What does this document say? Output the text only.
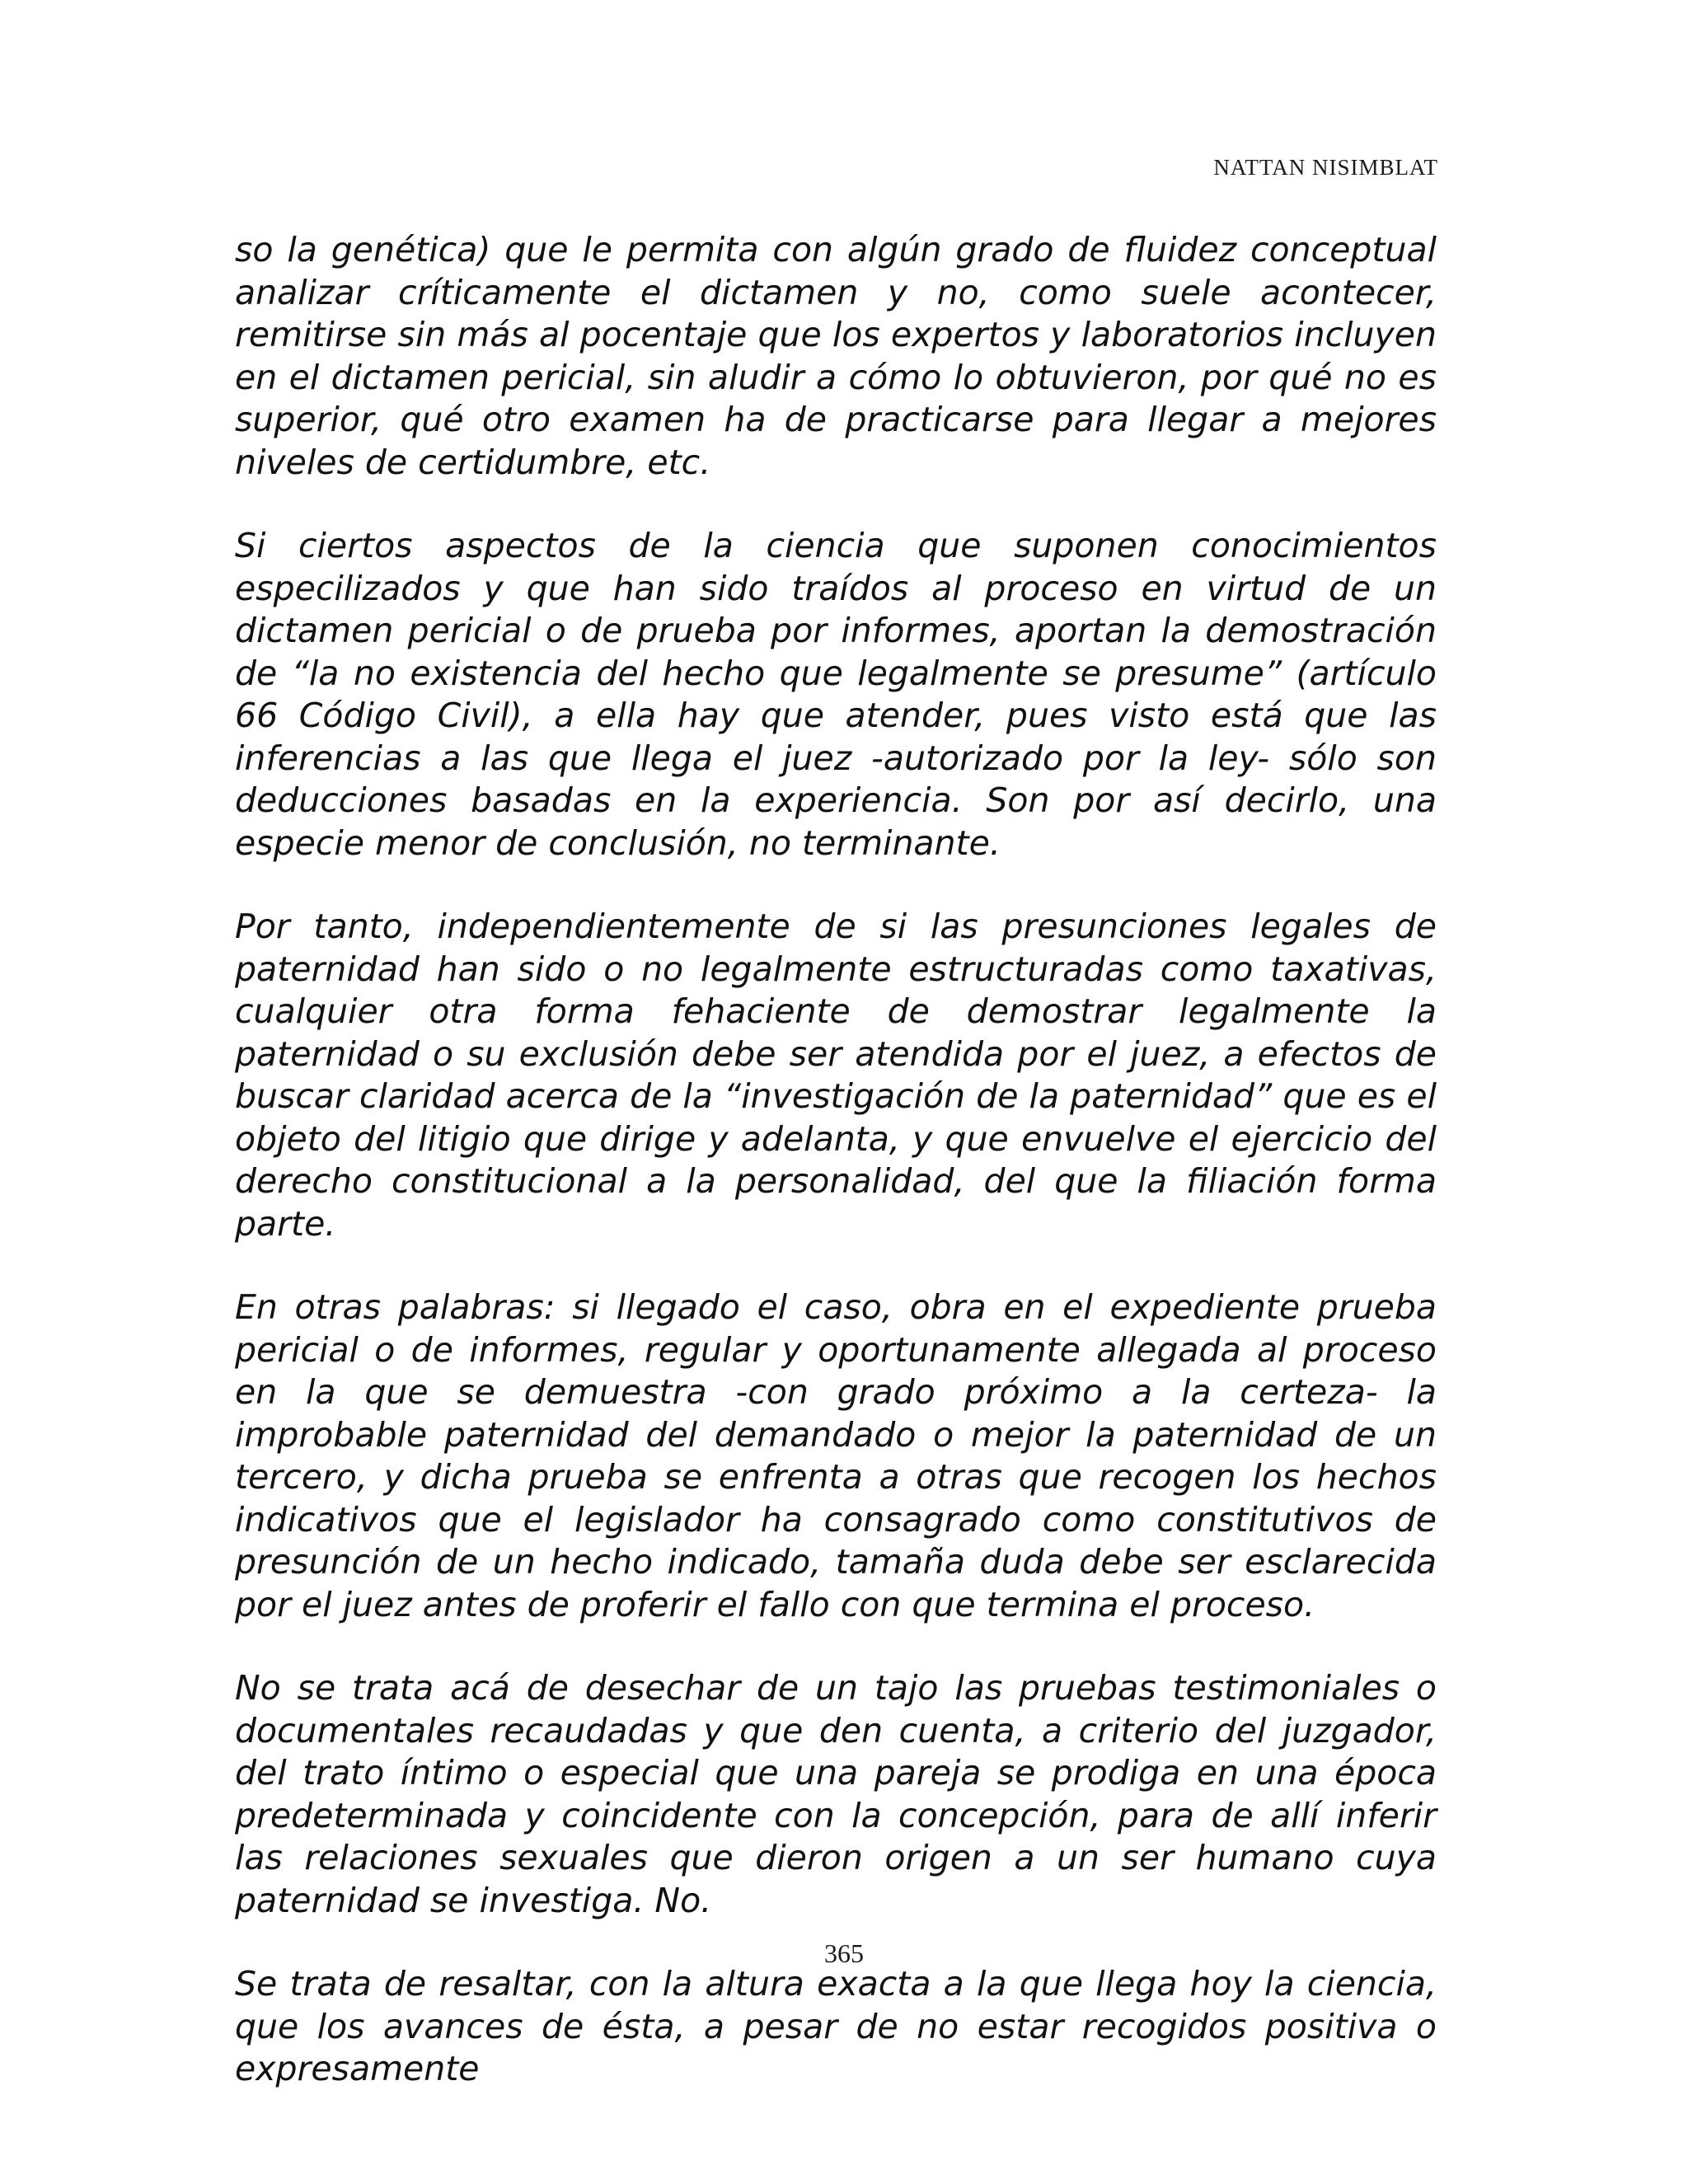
NATTAN NISIMBLAT

so la genética) que le permita con algún grado de fluidez conceptual analizar críticamente el dictamen y no, como suele acontecer, remitirse sin más al pocentaje que los expertos y laboratorios incluyen en el dictamen pericial, sin aludir a cómo lo obtuvieron, por qué no es superior, qué otro examen ha de practicarse para llegar a mejores niveles de certidumbre, etc.

Si ciertos aspectos de la ciencia que suponen conocimientos especilizados y que han sido traídos al proceso en virtud de un dictamen pericial o de prueba por informes, aportan la demostración de “la no existencia del hecho que legalmente se presume” (artículo 66 Código Civil), a ella hay que atender, pues visto está que las inferencias a las que llega el juez -autorizado por la ley- sólo son deducciones basadas en la experiencia. Son por así decirlo, una especie menor de conclusión, no terminante.

Por tanto, independientemente de si las presunciones legales de paternidad han sido o no legalmente estructuradas como taxativas, cualquier otra forma fehaciente de demostrar legalmente la paternidad o su exclusión debe ser atendida por el juez, a efectos de buscar claridad acerca de la “investigación de la paternidad” que es el objeto del litigio que dirige y adelanta, y que envuelve el ejercicio del derecho constitucional a la personalidad, del que la filiación forma parte.

En otras palabras: si llegado el caso, obra en el expediente prueba pericial o de informes, regular y oportunamente allegada al proceso en la que se demuestra -con grado próximo a la certeza- la improbable paternidad del demandado o mejor la paternidad de un tercero, y dicha prueba se enfrenta a otras que recogen los hechos indicativos que el legislador ha consagrado como constitutivos de presunción de un hecho indicado, tamaña duda debe ser esclarecida por el juez antes de proferir el fallo con que termina el proceso.

No se trata acá de desechar de un tajo las pruebas testimoniales o documentales recaudadas y que den cuenta, a criterio del juzgador, del trato íntimo o especial que una pareja se prodiga en una época predeterminada y coincidente con la concepción, para de allí inferir las relaciones sexuales que dieron origen a un ser humano cuya paternidad se investiga. No.

Se trata de resaltar, con la altura exacta a la que llega hoy la ciencia, que los avances de ésta, a pesar de no estar recogidos positiva o expresamente

365
